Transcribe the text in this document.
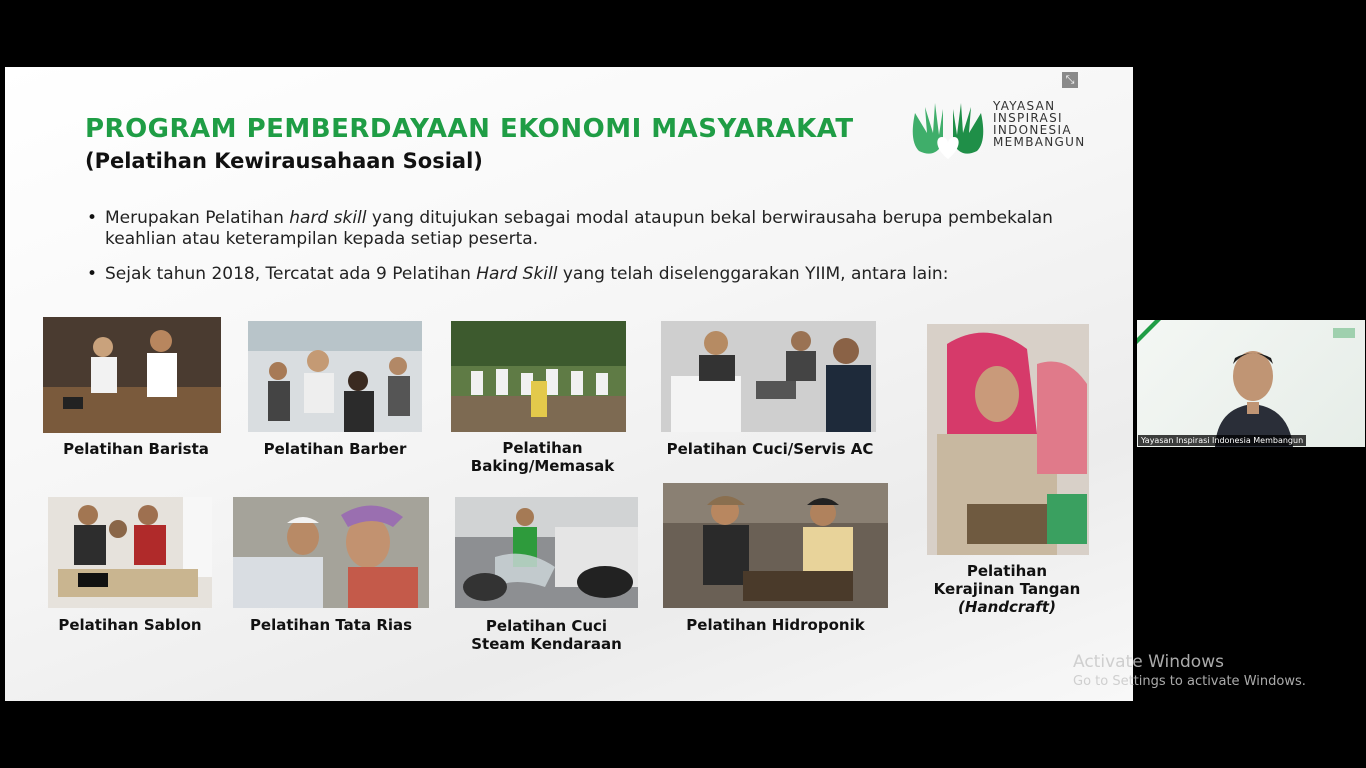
⤡
PROGRAM PEMBERDAYAAN EKONOMI MASYARAKAT
(Pelatihan Kewirausahaan Sosial)
YAYASAN
INSPIRASI
INDONESIA
MEMBANGUN
• Merupakan Pelatihan hard skill yang ditujukan sebagai modal ataupun bekal berwirausaha berupa pembekalan keahlian atau keterampilan kepada setiap peserta.
• Sejak tahun 2018, Tercatat ada 9 Pelatihan Hard Skill yang telah diselenggarakan YIIM, antara lain:
Pelatihan Barista	Pelatihan Barber	Pelatihan
Baking/Memasak
Pelatihan Cuci/Servis AC
Pelatihan
Kerajinan Tangan
(Handcraft)
Pelatihan Sablon	Pelatihan Tata Rias	Pelatihan Cuci
Steam Kendaraan
Pelatihan Hidroponik
Yayasan Inspirasi Indonesia Membangun
Activate Windows
Go to Settings to activate Windows.
